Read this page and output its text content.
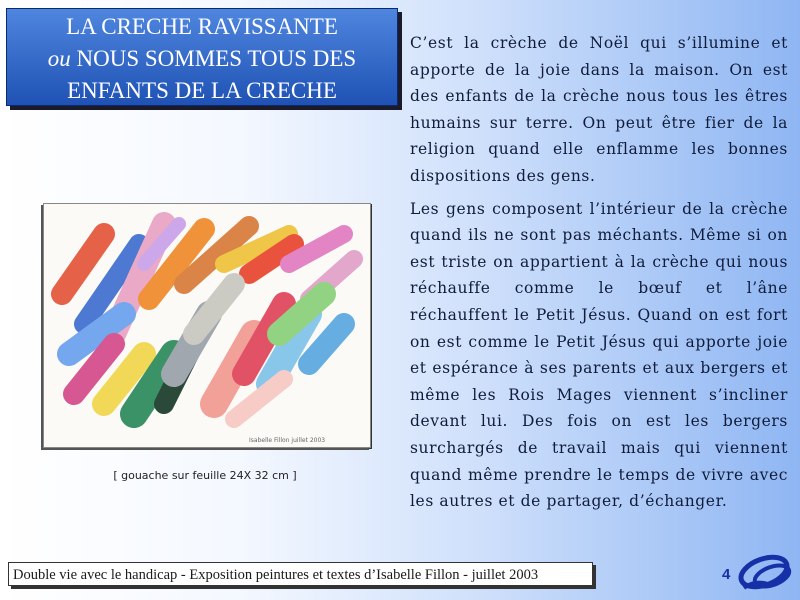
LA CRECHE RAVISSANTE
ou NOUS SOMMES TOUS DES
ENFANTS DE LA CRECHE
Isabelle Fillon juillet 2003
[ gouache sur feuille 24X 32 cm ]

C’est la crèche de Noël qui s’illumine et apporte de la joie dans la maison. On est des enfants de la crèche nous tous les êtres humains sur terre. On peut être fier de la religion quand elle enflamme les bonnes dispositions des gens.

Les gens composent l’intérieur de la crèche quand ils ne sont pas méchants. Même si on est triste on appartient à la crèche qui nous réchauffe comme le bœuf et l’âne réchauffent le Petit Jésus. Quand on est fort on est comme le Petit Jésus qui apporte joie et espérance à ses parents et aux bergers et même les Rois Mages viennent s’incliner devant lui. Des fois on est les bergers surchargés de travail mais qui viennent quand même prendre le temps de vivre avec les autres et de partager, d’échanger.

Double vie avec le handicap - Exposition peintures et textes d’Isabelle Fillon - juillet 2003	4
